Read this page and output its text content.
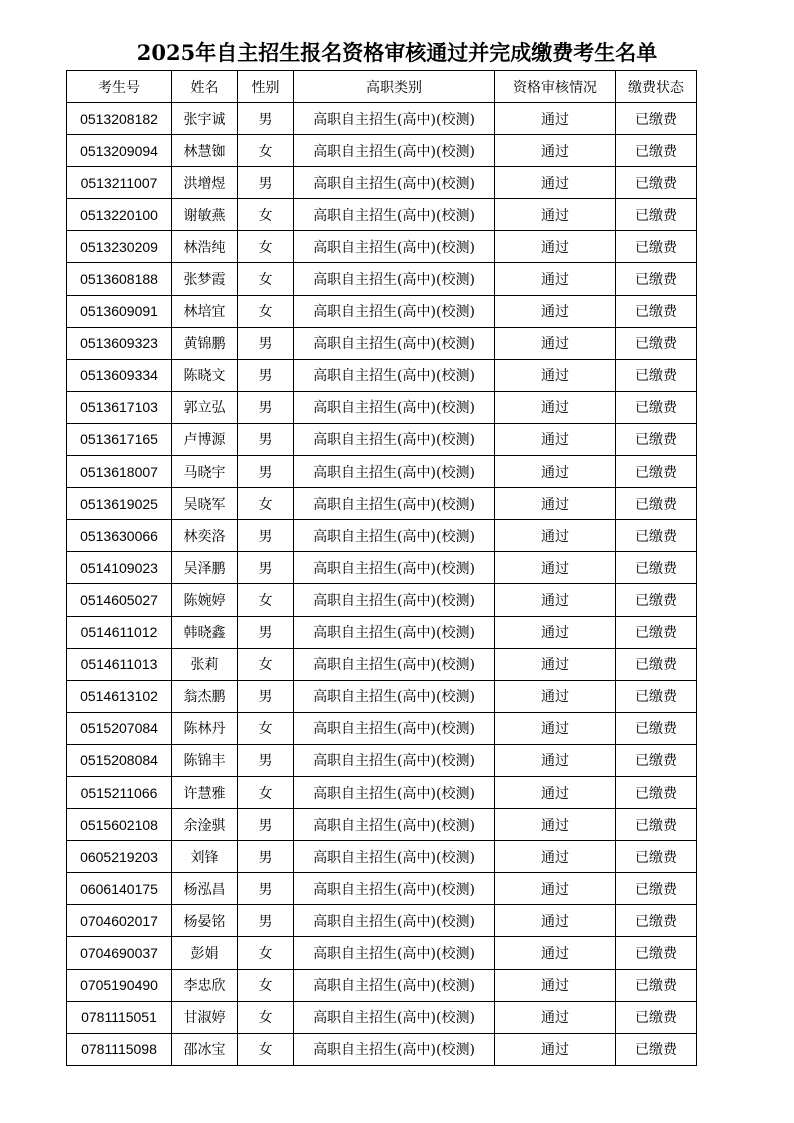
2025年自主招生报名资格审核通过并完成缴费考生名单
考生号	姓名	性别	高职类别	资格审核情况	缴费状态
0513208182	张宇诚	男	高职自主招生(高中)(校测)	通过	已缴费
0513209094	林慧铷	女	高职自主招生(高中)(校测)	通过	已缴费
0513211007	洪增煜	男	高职自主招生(高中)(校测)	通过	已缴费
0513220100	谢敏燕	女	高职自主招生(高中)(校测)	通过	已缴费
0513230209	林浩纯	女	高职自主招生(高中)(校测)	通过	已缴费
0513608188	张梦霞	女	高职自主招生(高中)(校测)	通过	已缴费
0513609091	林培宜	女	高职自主招生(高中)(校测)	通过	已缴费
0513609323	黄锦鹏	男	高职自主招生(高中)(校测)	通过	已缴费
0513609334	陈晓文	男	高职自主招生(高中)(校测)	通过	已缴费
0513617103	郭立弘	男	高职自主招生(高中)(校测)	通过	已缴费
0513617165	卢博源	男	高职自主招生(高中)(校测)	通过	已缴费
0513618007	马晓宇	男	高职自主招生(高中)(校测)	通过	已缴费
0513619025	吴晓军	女	高职自主招生(高中)(校测)	通过	已缴费
0513630066	林奕洛	男	高职自主招生(高中)(校测)	通过	已缴费
0514109023	吴泽鹏	男	高职自主招生(高中)(校测)	通过	已缴费
0514605027	陈婉婷	女	高职自主招生(高中)(校测)	通过	已缴费
0514611012	韩晓鑫	男	高职自主招生(高中)(校测)	通过	已缴费
0514611013	张莉	女	高职自主招生(高中)(校测)	通过	已缴费
0514613102	翁杰鹏	男	高职自主招生(高中)(校测)	通过	已缴费
0515207084	陈林丹	女	高职自主招生(高中)(校测)	通过	已缴费
0515208084	陈锦丰	男	高职自主招生(高中)(校测)	通过	已缴费
0515211066	许慧雅	女	高职自主招生(高中)(校测)	通过	已缴费
0515602108	余淦骐	男	高职自主招生(高中)(校测)	通过	已缴费
0605219203	刘锋	男	高职自主招生(高中)(校测)	通过	已缴费
0606140175	杨泓昌	男	高职自主招生(高中)(校测)	通过	已缴费
0704602017	杨晏铭	男	高职自主招生(高中)(校测)	通过	已缴费
0704690037	彭娟	女	高职自主招生(高中)(校测)	通过	已缴费
0705190490	李忠欣	女	高职自主招生(高中)(校测)	通过	已缴费
0781115051	甘淑婷	女	高职自主招生(高中)(校测)	通过	已缴费
0781115098	邵冰宝	女	高职自主招生(高中)(校测)	通过	已缴费
